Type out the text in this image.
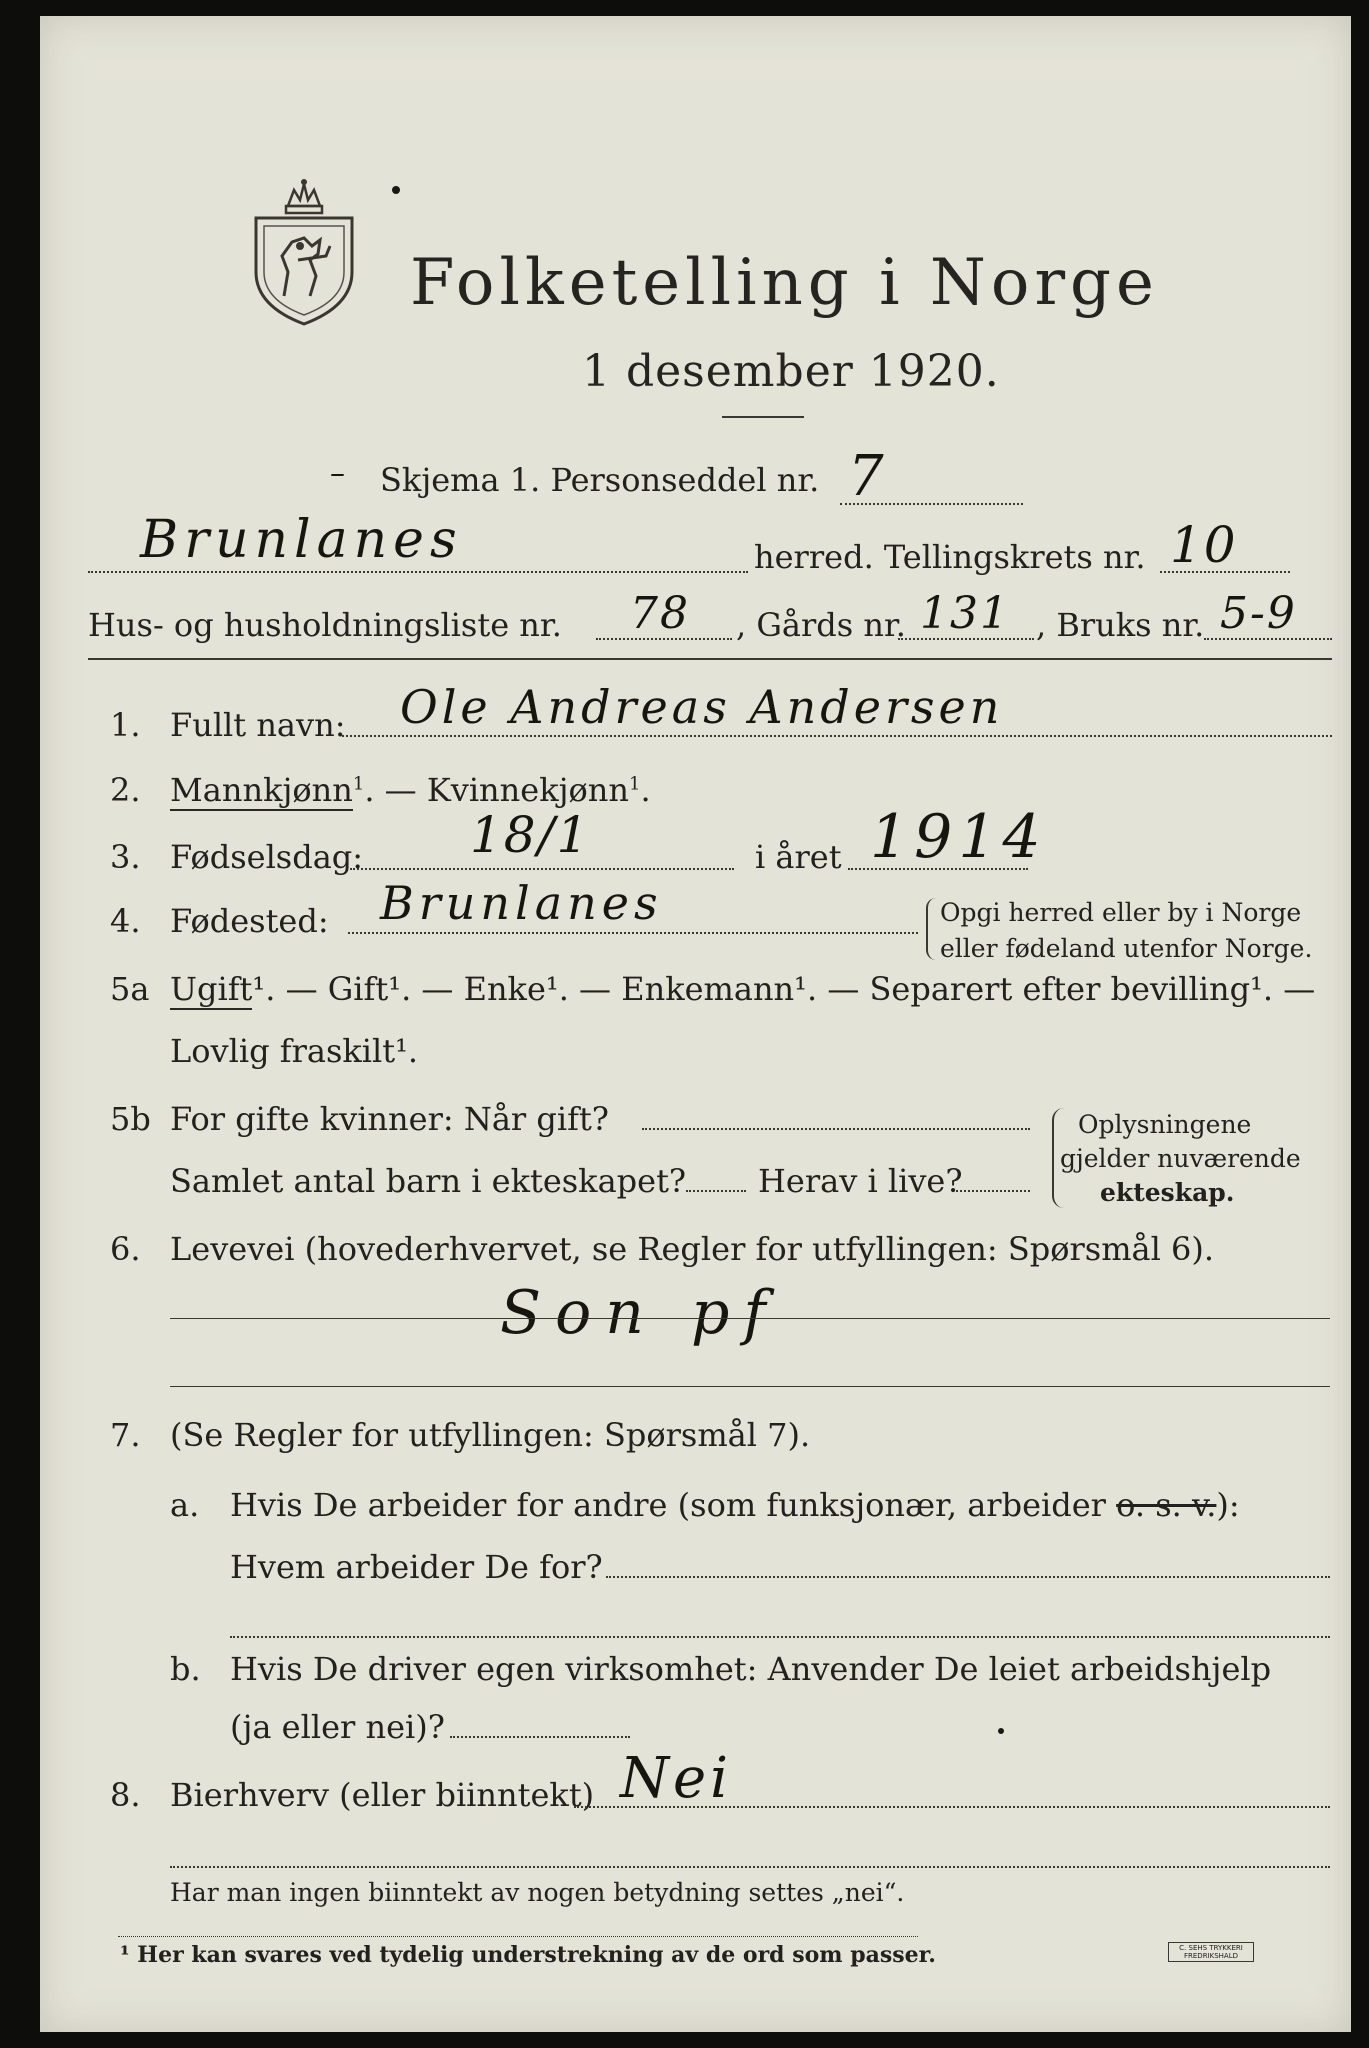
Folketelling i Norge
1 desember 1920.
– Skjema 1. Personseddel nr. 7
Brunlanes	herred. Tellingskrets nr. 10
Hus- og husholdningsliste nr. 78 , Gårds nr. 131 , Bruks nr. 5-9
1. Fullt navn: Ole Andreas Andersen
2. Mannkjønn$^1$. — Kvinnekjønn$^1$.
3. Fødselsdag: 18/1	i året 1914
4. Fødested: Brunlanes	Opgi herred eller by i Norge
eller fødeland utenfor Norge.
5a Ugift¹. — Gift¹. — Enke¹. — Enkemann¹. — Separert efter bevilling¹. —
Lovlig fraskilt¹.
5b For gifte kvinner: Når gift?
Samlet antal barn i ekteskapet? Herav i live?
Oplysningene
gjelder nuværende
ekteskap.
6. Levevei (hovederhvervet, se Regler for utfyllingen: Spørsmål 6).
Son pf
7. (Se Regler for utfyllingen: Spørsmål 7).
a. Hvis De arbeider for andre (som funksjonær, arbeider o. s. v.):
Hvem arbeider De for?
b. Hvis De driver egen virksomhet: Anvender De leiet arbeidshjelp
(ja eller nei)?
8. Bierhverv (eller biinntekt) Nei
Har man ingen biinntekt av nogen betydning settes „nei“.
¹ Her kan svares ved tydelig understrekning av de ord som passer.	C. SEHS TRYKKERI FREDRIKSHALD
